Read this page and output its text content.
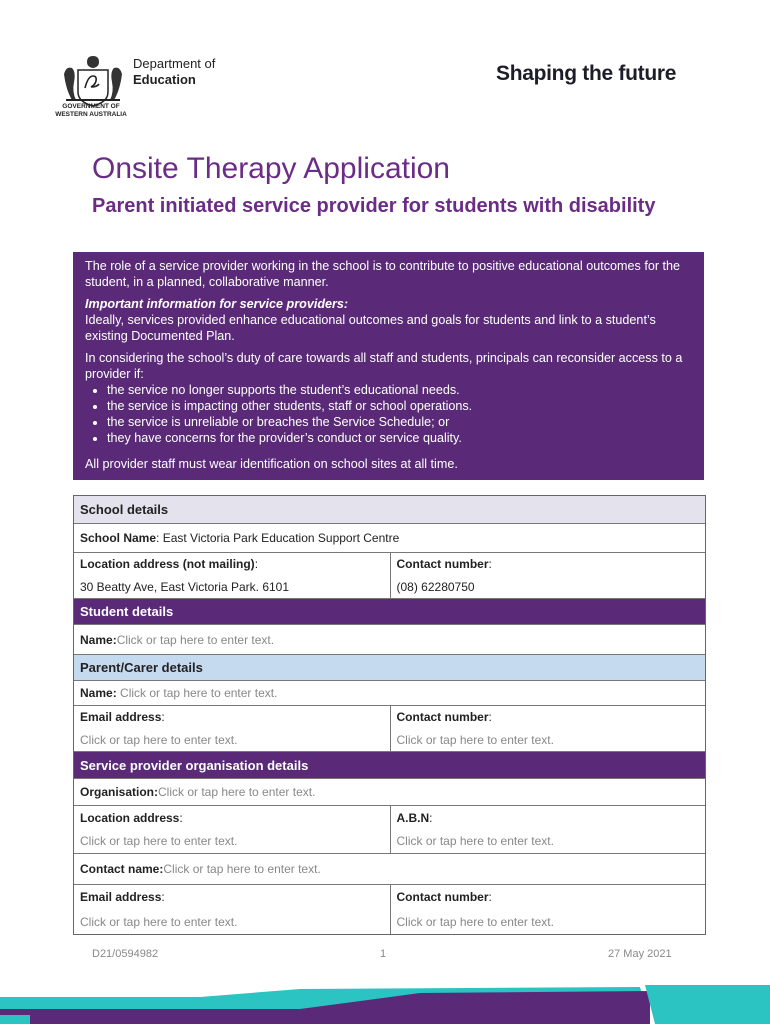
GOVERNMENT OF
WESTERN AUSTRALIA
Department of
Education	Shaping the future
Onsite Therapy Application
Parent initiated service provider for students with disability

The role of a service provider working in the school is to contribute to positive educational outcomes for the student, in a planned, collaborative manner.

Important information for service providers:
Ideally, services provided enhance educational outcomes and goals for students and link to a student’s existing Documented Plan.

In considering the school’s duty of care towards all staff and students, principals can reconsider access to a provider if:

• the service no longer supports the student’s educational needs.
• the service is impacting other students, staff or school operations.
• the service is unreliable or breaches the Service Schedule; or
• they have concerns for the provider’s conduct or service quality.

All provider staff must wear identification on school sites at all time.

School details
School Name : East Victoria Park Education Support Centre
Location address (not mailing):
30 Beatty Ave, East Victoria Park. 6101
Contact number:
(08) 62280750
Student details
Name : Click or tap here to enter text.
Parent/Carer details
Name : Click or tap here to enter text.
Email address:
Click or tap here to enter text.
Contact number:
Click or tap here to enter text.
Service provider organisation details
Organisation : Click or tap here to enter text.
Location address:
Click or tap here to enter text.
A.B.N:
Click or tap here to enter text.
Contact name : Click or tap here to enter text.
Email address:
Click or tap here to enter text.
Contact number:
Click or tap here to enter text.
D21/0594982	1	27 May 2021
